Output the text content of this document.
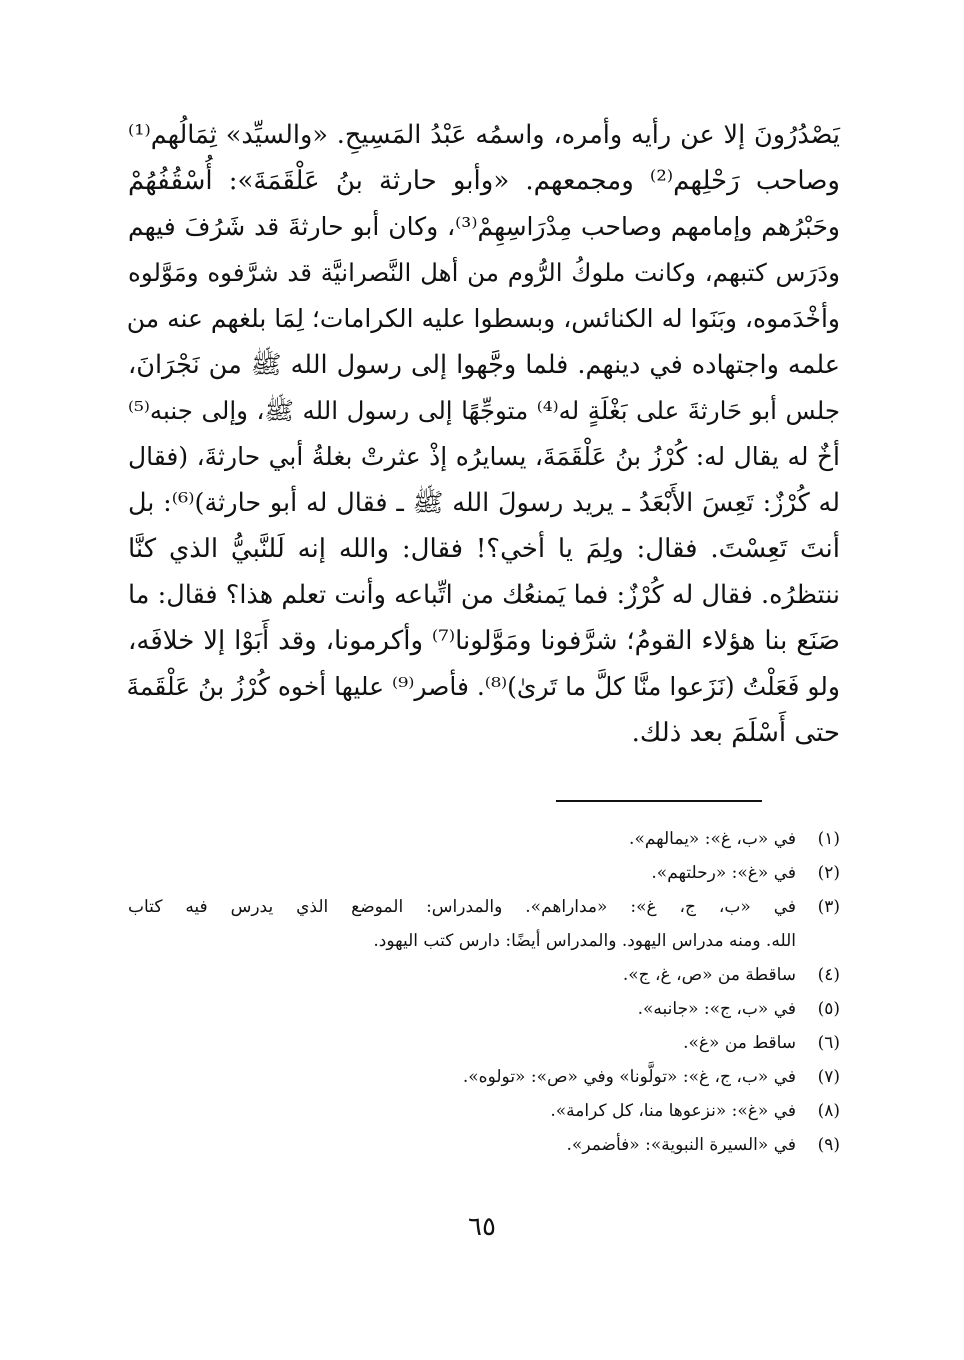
يَصْدُرُونَ إلا عن رأيه وأمره، واسمُه عَبْدُ المَسِيحِ. «والسيِّد» ثِمَالُهم⁽¹⁾
وصاحب رَحْلِهم⁽²⁾ ومجمعهم. «وأبو حارثة بنُ عَلْقَمَةَ»: أُسْقُفُهُمْ
وحَبْرُهم وإمامهم وصاحب مِدْرَاسِهِمْ⁽³⁾، وكان أبو حارثةَ قد شَرُفَ فيهم
ودَرَس كتبهم، وكانت ملوكُ الرُّوم من أهل النَّصرانيَّة قد شرَّفوه ومَوَّلوه
وأخْدَموه، وبَنَوا له الكنائس، وبسطوا عليه الكرامات؛ لِمَا بلغهم عنه من
علمه واجتهاده في دينهم. فلما وجَّهوا إلى رسول الله ﷺ من نَجْرَانَ،
جلس أبو حَارثةَ على بَغْلَةٍ له⁽⁴⁾ متوجِّهًا إلى رسول الله ﷺ، وإلى جنبه⁽⁵⁾
أخٌ له يقال له: كُرْزُ بنُ عَلْقَمَةَ، يسايرُه إذْ عثرتْ بغلةُ أبي حارثةَ، (فقال
له كُرْزٌ: تَعِسَ الأَبْعَدُ ـ يريد رسولَ الله ﷺ ـ فقال له أبو حارثة)⁽⁶⁾: بل
أنتَ تَعِسْتَ. فقال: ولِمَ يا أخي؟! فقال: والله إنه لَلنَّبيُّ الذي كنَّا
ننتظرُه. فقال له كُرْزٌ: فما يَمنعُك من اتِّباعه وأنت تعلم هذا؟ فقال: ما
صَنَع بنا هؤلاء القومُ؛ شرَّفونا ومَوَّلونا⁽⁷⁾ وأكرمونا، وقد أَبَوْا إلا خلافَه،
ولو فَعَلْتُ (نَزَعوا منَّا كلَّ ما تَرىٰ)⁽⁸⁾. فأصر⁽⁹⁾ عليها أخوه كُرْزُ بنُ عَلْقَمةَ
حتى أَسْلَمَ بعد ذلك.
(١)
في «ب، غ»: «يمالهم».
(٢)
في «غ»: «رحلتهم».
(٣)
في «ب، ج، غ»: «مداراهم». والمدراس: الموضع الذي يدرس فيه كتاب
الله. ومنه مدراس اليهود. والمدراس أيضًا: دارس كتب اليهود.
(٤)
ساقطة من «ص، غ، ج».
(٥)
في «ب، ج»: «جانبه».
(٦)
ساقط من «غ».
(٧)
في «ب، ج، غ»: «تولَّونا» وفي «ص»: «تولوه».
(٨)
في «غ»: «نزعوها منا، كل كرامة».
(٩)
في «السيرة النبوية»: «فأضمر».
٦٥
